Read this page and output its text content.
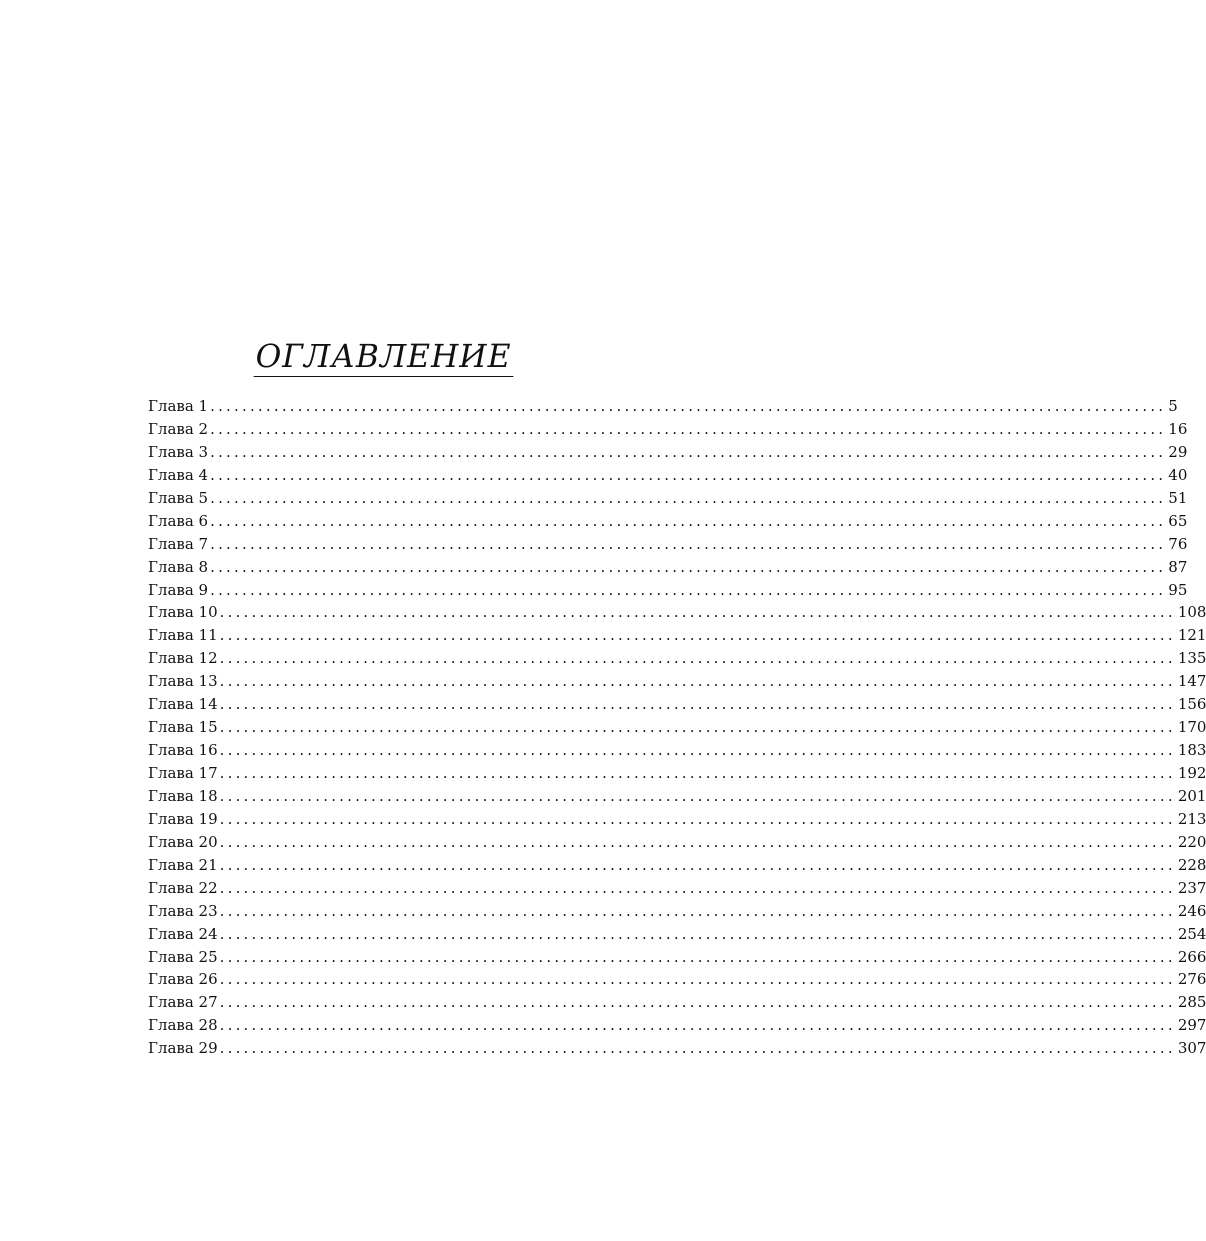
ОГЛАВЛЕНИЕ
Глава 1 ........................................................................................................................ 5
Глава 2 ........................................................................................................................ 16
Глава 3 ........................................................................................................................ 29
Глава 4 ........................................................................................................................ 40
Глава 5 ........................................................................................................................ 51
Глава 6 ........................................................................................................................ 65
Глава 7 ........................................................................................................................ 76
Глава 8 ........................................................................................................................ 87
Глава 9 ........................................................................................................................ 95
Глава 10 ........................................................................................................................ 108
Глава 11 ........................................................................................................................ 121
Глава 12 ........................................................................................................................ 135
Глава 13 ........................................................................................................................ 147
Глава 14 ........................................................................................................................ 156
Глава 15 ........................................................................................................................ 170
Глава 16 ........................................................................................................................ 183
Глава 17 ........................................................................................................................ 192
Глава 18 ........................................................................................................................ 201
Глава 19 ........................................................................................................................ 213
Глава 20 ........................................................................................................................ 220
Глава 21 ........................................................................................................................ 228
Глава 22 ........................................................................................................................ 237
Глава 23 ........................................................................................................................ 246
Глава 24 ........................................................................................................................ 254
Глава 25 ........................................................................................................................ 266
Глава 26 ........................................................................................................................ 276
Глава 27 ........................................................................................................................ 285
Глава 28 ........................................................................................................................ 297
Глава 29 ........................................................................................................................ 307
